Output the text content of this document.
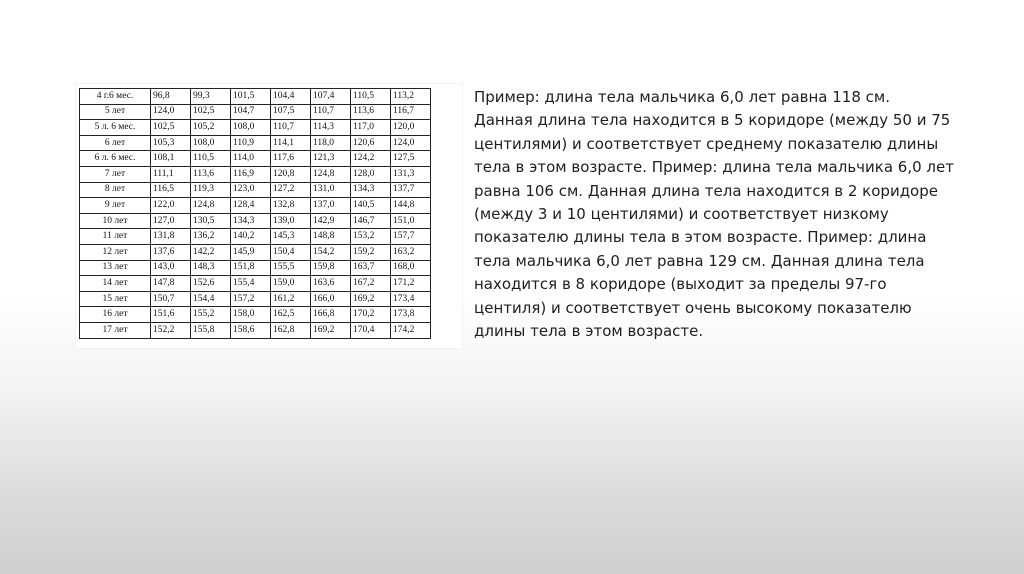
4 г.6 мес.	96,8	99,3	101,5	104,4	107,4	110,5	113,2
5 лет	124,0	102,5	104,7	107,5	110,7	113,6	116,7
5 л. 6 мес.	102,5	105,2	108,0	110,7	114,3	117,0	120,0
6 лет	105,3	108,0	110,9	114,1	118,0	120,6	124,0
6 л. 6 мес.	108,1	110,5	114,0	117,6	121,3	124,2	127,5
7 лет	111,1	113,6	116,9	120,8	124,8	128,0	131,3
8 лет	116,5	119,3	123,0	127,2	131,0	134,3	137,7
9 лет	122,0	124,8	128,4	132,8	137,0	140,5	144,8
10 лет	127,0	130,5	134,3	139,0	142,9	146,7	151,0
11 лет	131,8	136,2	140,2	145,3	148,8	153,2	157,7
12 лет	137,6	142,2	145,9	150,4	154,2	159,2	163,2
13 лет	143,0	148,3	151,8	155,5	159,8	163,7	168,0
14 лет	147,8	152,6	155,4	159,0	163,6	167,2	171,2
15 лет	150,7	154,4	157,2	161,2	166,0	169,2	173,4
16 лет	151,6	155,2	158,0	162,5	166,8	170,2	173,8
17 лет	152,2	155,8	158,6	162,8	169,2	170,4	174,2
Пример: длина тела мальчика 6,0 лет равна 118 см.
Данная длина тела находится в 5 коридоре (между 50 и 75
центилями) и соответствует среднему показателю длины
тела в этом возрасте. Пример: длина тела мальчика 6,0 лет
равна 106 см. Данная длина тела находится в 2 коридоре
(между 3 и 10 центилями) и соответствует низкому
показателю длины тела в этом возрасте. Пример: длина
тела мальчика 6,0 лет равна 129 см. Данная длина тела
находится в 8 коридоре (выходит за пределы 97-го
центиля) и соответствует очень высокому показателю
длины тела в этом возрасте.
